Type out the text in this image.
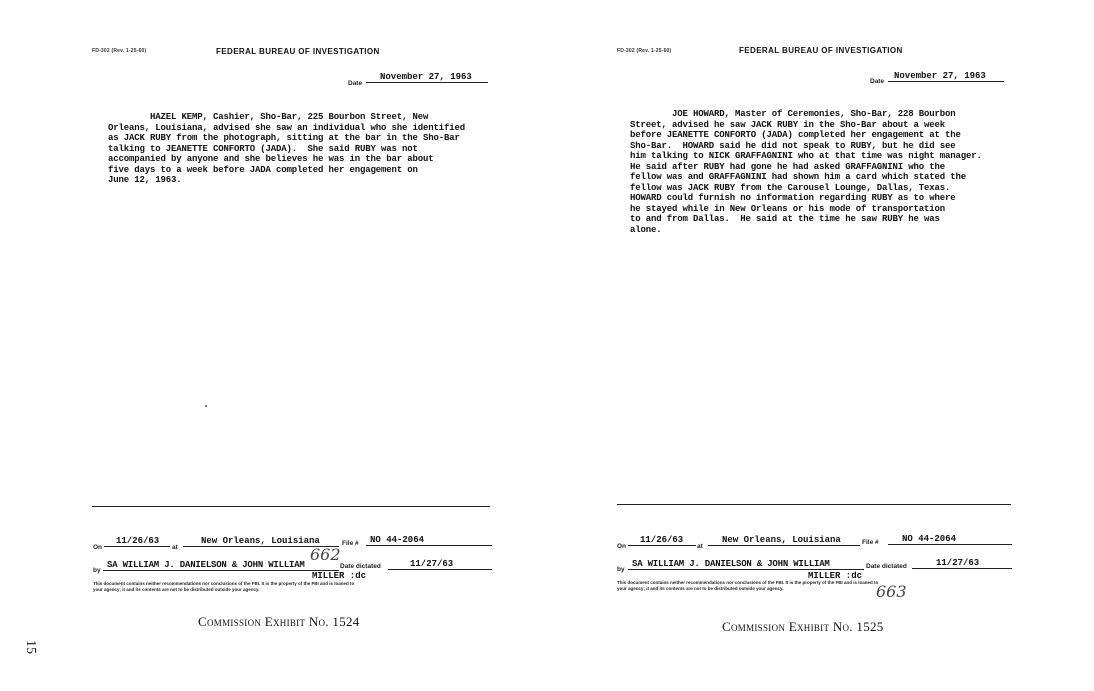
FD-302 (Rev. 1-25-60)	FEDERAL BUREAU OF INVESTIGATION
Date
November 27, 1963
HAZEL KEMP, Cashier, Sho-Bar, 225 Bourbon Street, New
Orleans, Louisiana, advised she saw an individual who she identified
as JACK RUBY from the photograph, sitting at the bar in the Sho-Bar
talking to JEANETTE CONFORTO (JADA).  She said RUBY was not
accompanied by anyone and she believes he was in the bar about
five days to a week before JADA completed her engagement on
June 12, 1963.
On
11/26/63
at
New Orleans, Louisiana	File #	NO 44-2064
662
by
SA WILLIAM J. DANIELSON & JOHN WILLIAM	Date dictated	11/27/63
MILLER :dc
This document contains neither recommendations nor conclusions of the FBI. It is the property of the FBI and is loaned to
your agency; it and its contents are not to be distributed outside your agency.
Commission Exhibit No. 1524
FD-302 (Rev. 1-25-60)	FEDERAL BUREAU OF INVESTIGATION
Date
November 27, 1963
JOE HOWARD, Master of Ceremonies, Sho-Bar, 228 Bourbon
Street, advised he saw JACK RUBY in the Sho-Bar about a week
before JEANETTE CONFORTO (JADA) completed her engagement at the
Sho-Bar.  HOWARD said he did not speak to RUBY, but he did see
him talking to NICK GRAFFAGNINI who at that time was night manager.
He said after RUBY had gone he had asked GRAFFAGNINI who the
fellow was and GRAFFAGNINI had shown him a card which stated the
fellow was JACK RUBY from the Carousel Lounge, Dallas, Texas.
HOWARD could furnish no information regarding RUBY as to where
he stayed while in New Orleans or his mode of transportation
to and from Dallas.  He said at the time he saw RUBY he was
alone.
On
11/26/63
at
New Orleans, Louisiana	File #	NO 44-2064
by
SA WILLIAM J. DANIELSON & JOHN WILLIAM	Date dictated	11/27/63
MILLER :dc
This document contains neither recommendations nor conclusions of the FBI. It is the property of the FBI and is loaned to
your agency; it and its contents are not to be distributed outside your agency.	663
Commission Exhibit No. 1525
15
